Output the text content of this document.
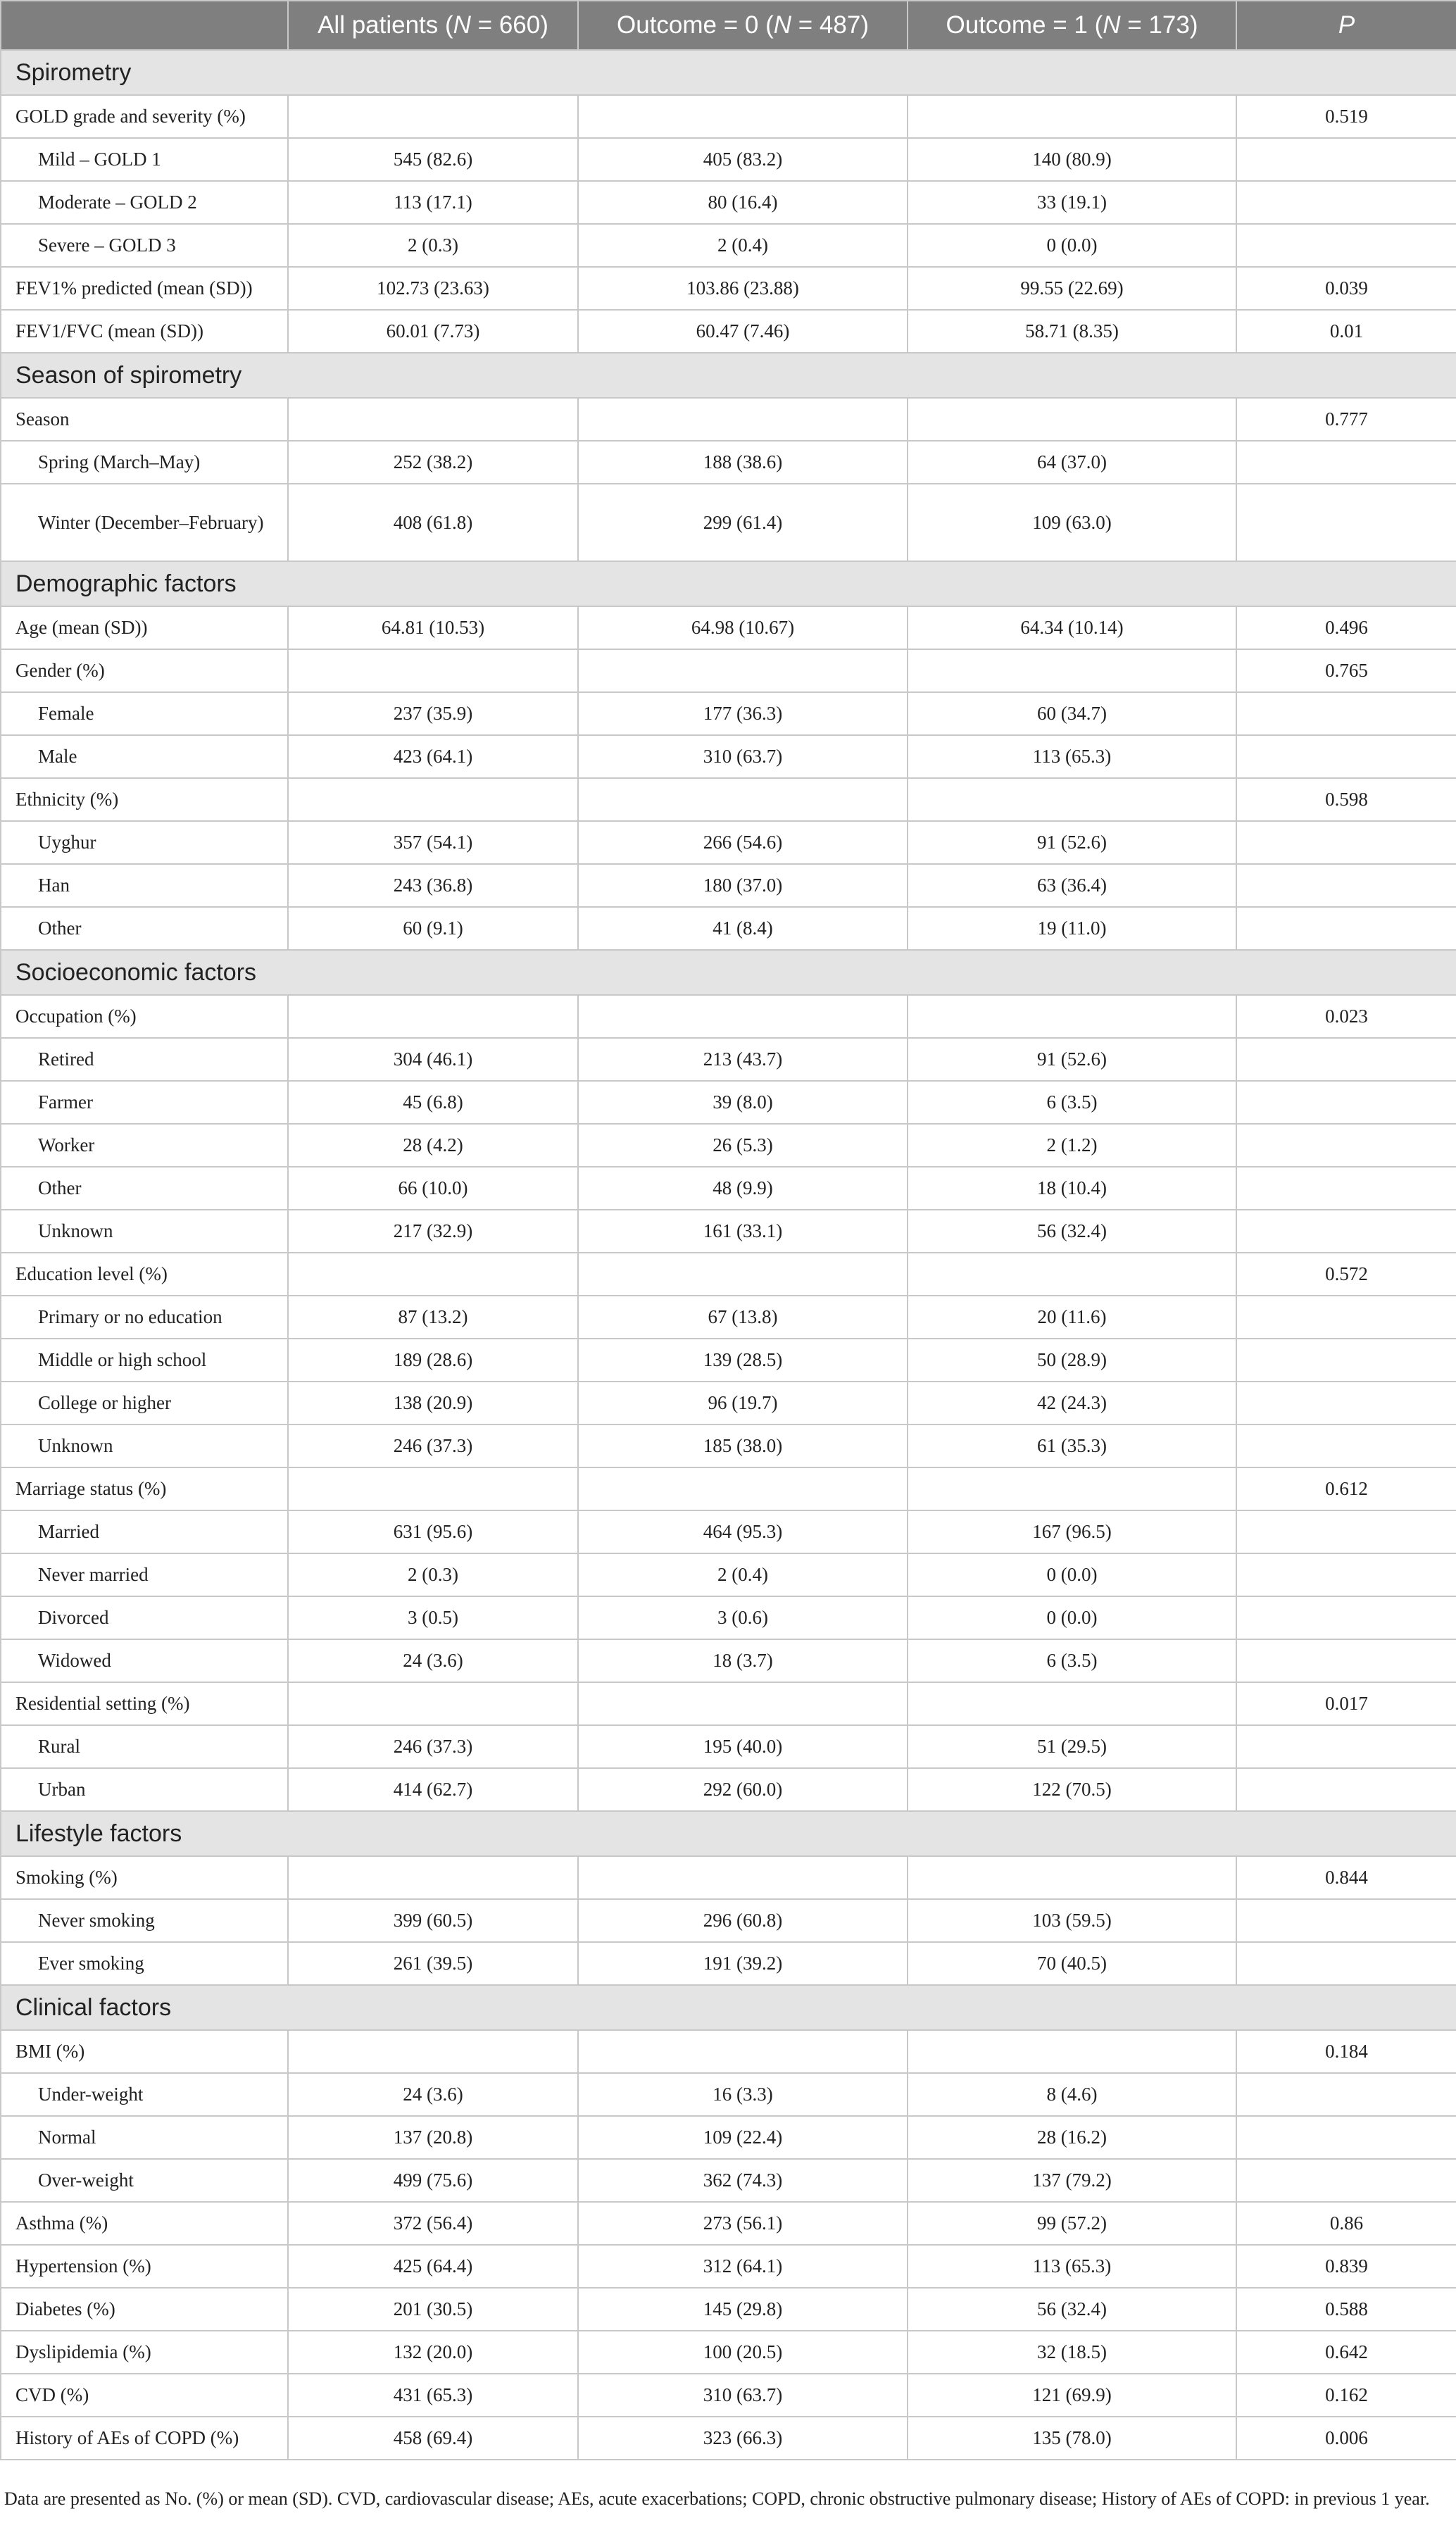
	All patients (N = 660)	Outcome = 0 (N = 487)	Outcome = 1 (N = 173)	P
Spirometry				
GOLD grade and severity (%)				0.519
Mild – GOLD 1	545 (82.6)	405 (83.2)	140 (80.9)	
Moderate – GOLD 2	113 (17.1)	80 (16.4)	33 (19.1)	
Severe – GOLD 3	2 (0.3)	2 (0.4)	0 (0.0)	
FEV1% predicted (mean (SD))	102.73 (23.63)	103.86 (23.88)	99.55 (22.69)	0.039
FEV1/FVC (mean (SD))	60.01 (7.73)	60.47 (7.46)	58.71 (8.35)	0.01
Season of spirometry				
Season				0.777
Spring (March–May)	252 (38.2)	188 (38.6)	64 (37.0)	
Winter (December–February)	408 (61.8)	299 (61.4)	109 (63.0)	
Demographic factors				
Age (mean (SD))	64.81 (10.53)	64.98 (10.67)	64.34 (10.14)	0.496
Gender (%)				0.765
Female	237 (35.9)	177 (36.3)	60 (34.7)	
Male	423 (64.1)	310 (63.7)	113 (65.3)	
Ethnicity (%)				0.598
Uyghur	357 (54.1)	266 (54.6)	91 (52.6)	
Han	243 (36.8)	180 (37.0)	63 (36.4)	
Other	60 (9.1)	41 (8.4)	19 (11.0)	
Socioeconomic factors				
Occupation (%)				0.023
Retired	304 (46.1)	213 (43.7)	91 (52.6)	
Farmer	45 (6.8)	39 (8.0)	6 (3.5)	
Worker	28 (4.2)	26 (5.3)	2 (1.2)	
Other	66 (10.0)	48 (9.9)	18 (10.4)	
Unknown	217 (32.9)	161 (33.1)	56 (32.4)	
Education level (%)				0.572
Primary or no education	87 (13.2)	67 (13.8)	20 (11.6)	
Middle or high school	189 (28.6)	139 (28.5)	50 (28.9)	
College or higher	138 (20.9)	96 (19.7)	42 (24.3)	
Unknown	246 (37.3)	185 (38.0)	61 (35.3)	
Marriage status (%)				0.612
Married	631 (95.6)	464 (95.3)	167 (96.5)	
Never married	2 (0.3)	2 (0.4)	0 (0.0)	
Divorced	3 (0.5)	3 (0.6)	0 (0.0)	
Widowed	24 (3.6)	18 (3.7)	6 (3.5)	
Residential setting (%)				0.017
Rural	246 (37.3)	195 (40.0)	51 (29.5)	
Urban	414 (62.7)	292 (60.0)	122 (70.5)	
Lifestyle factors				
Smoking (%)				0.844
Never smoking	399 (60.5)	296 (60.8)	103 (59.5)	
Ever smoking	261 (39.5)	191 (39.2)	70 (40.5)	
Clinical factors				
BMI (%)				0.184
Under-weight	24 (3.6)	16 (3.3)	8 (4.6)	
Normal	137 (20.8)	109 (22.4)	28 (16.2)	
Over-weight	499 (75.6)	362 (74.3)	137 (79.2)	
Asthma (%)	372 (56.4)	273 (56.1)	99 (57.2)	0.86
Hypertension (%)	425 (64.4)	312 (64.1)	113 (65.3)	0.839
Diabetes (%)	201 (30.5)	145 (29.8)	56 (32.4)	0.588
Dyslipidemia (%)	132 (20.0)	100 (20.5)	32 (18.5)	0.642
CVD (%)	431 (65.3)	310 (63.7)	121 (69.9)	0.162
History of AEs of COPD (%)	458 (69.4)	323 (66.3)	135 (78.0)	0.006
Data are presented as No. (%) or mean (SD). CVD, cardiovascular disease; AEs, acute exacerbations; COPD, chronic obstructive pulmonary disease; History of AEs of COPD: in previous 1 year.
